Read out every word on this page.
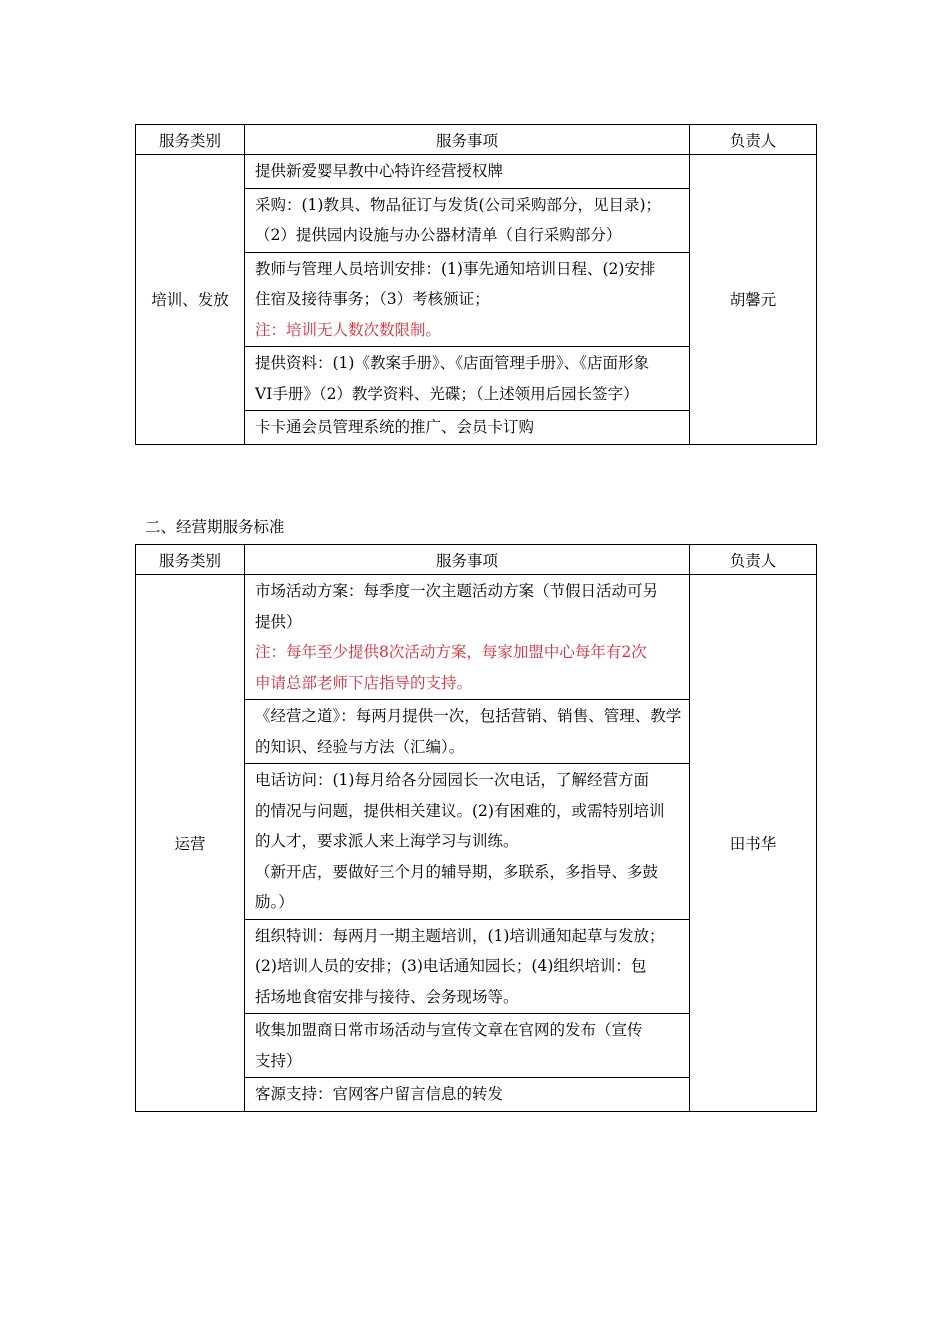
服务类别	服务事项	负责人
培训、发放	提供新爱婴早教中心特许经营授权牌	胡馨元

	采购：(1)教具、物品征订与发货(公司采购部分，见目录)；
（2）提供园内设施与办公器材清单（自行采购部分）	

	教师与管理人员培训安排：(1)事先通知培训日程、(2)安排
住宿及接待事务；（3）考核颁证；
注：培训无人数次数限制。	

	提供资料：(1)《教案手册》、《店面管理手册》、《店面形象
VI手册》（2）教学资料、光碟；（上述领用后园长签字）	

	卡卡通会员管理系统的推广、会员卡订购	
二、经营期服务标准
服务类别	服务事项	负责人
运营	市场活动方案：每季度一次主题活动方案（节假日活动可另
提供）
注：每年至少提供8次活动方案，每家加盟中心每年有2次
申请总部老师下店指导的支持。	田书华

	《经营之道》：每两月提供一次，包括营销、销售、管理、教学
的知识、经验与方法（汇编）。	

	电话访问：(1)每月给各分园园长一次电话，了解经营方面
的情况与问题，提供相关建议。(2)有困难的，或需特别培训
的人才，要求派人来上海学习与训练。
（新开店，要做好三个月的辅导期，多联系，多指导、多鼓
励。）	

	组织特训：每两月一期主题培训，(1)培训通知起草与发放；
(2)培训人员的安排；(3)电话通知园长；(4)组织培训：包
括场地食宿安排与接待、会务现场等。	

	收集加盟商日常市场活动与宣传文章在官网的发布（宣传
支持）	

	客源支持：官网客户留言信息的转发	
